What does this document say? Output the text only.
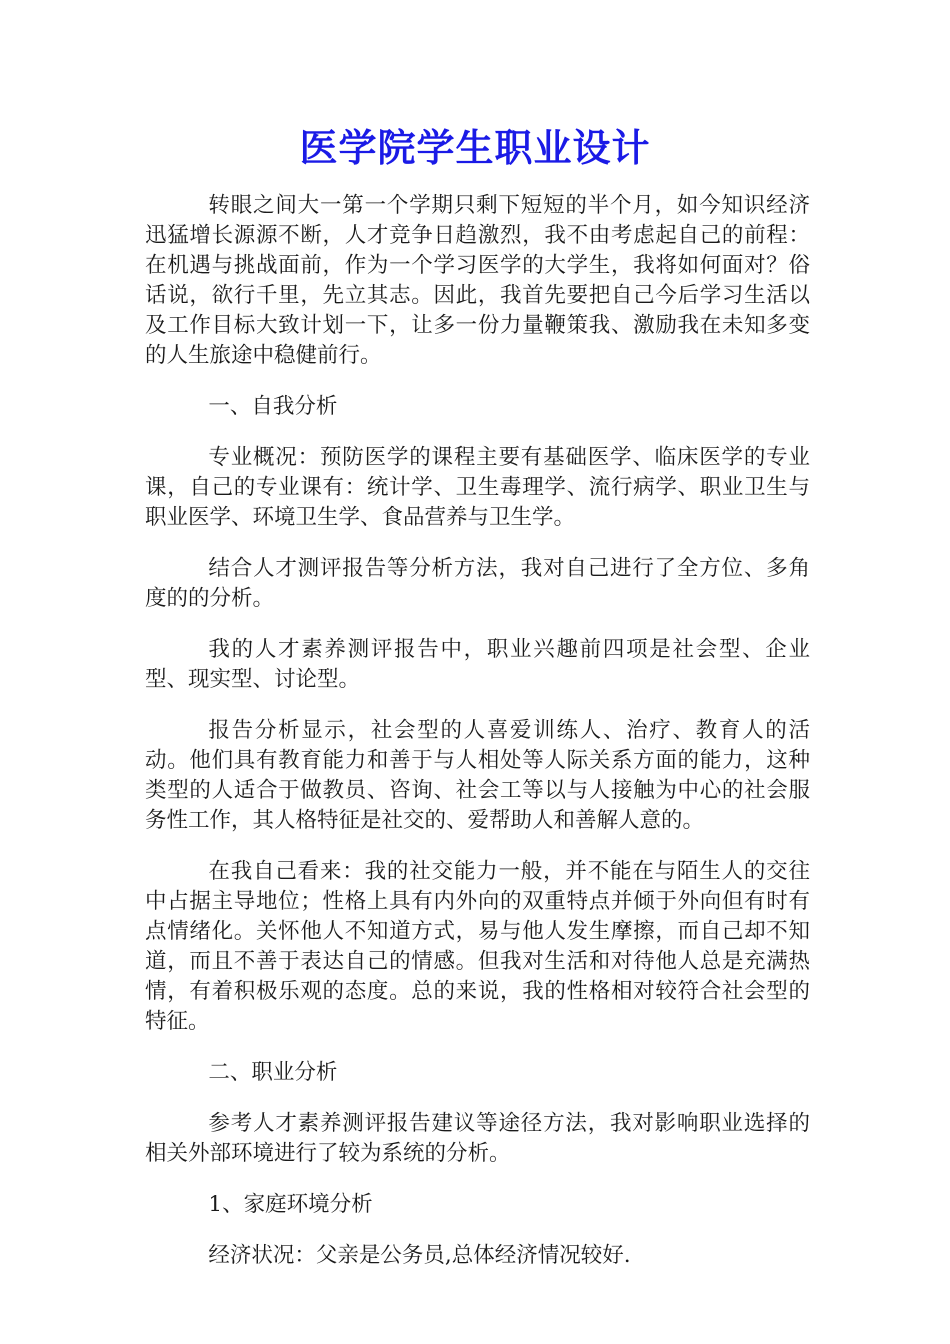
医学院学生职业设计

转眼之间大一第一个学期只剩下短短的半个月，如今知识经济迅猛增长源源不断，人才竞争日趋激烈，我不由考虑起自己的前程：在机遇与挑战面前，作为一个学习医学的大学生，我将如何面对？俗话说，欲行千里，先立其志。因此，我首先要把自己今后学习生活以及工作目标大致计划一下，让多一份力量鞭策我、激励我在未知多变的人生旅途中稳健前行。

一、自我分析

专业概况：预防医学的课程主要有基础医学、临床医学的专业课，自己的专业课有：统计学、卫生毒理学、流行病学、职业卫生与职业医学、环境卫生学、食品营养与卫生学。

结合人才测评报告等分析方法，我对自己进行了全方位、多角度的的分析。

我的人才素养测评报告中，职业兴趣前四项是社会型、企业型、现实型、讨论型。

报告分析显示，社会型的人喜爱训练人、治疗、教育人的活动。他们具有教育能力和善于与人相处等人际关系方面的能力，这种类型的人适合于做教员、咨询、社会工等以与人接触为中心的社会服务性工作，其人格特征是社交的、爱帮助人和善解人意的。

在我自己看来：我的社交能力一般，并不能在与陌生人的交往中占据主导地位；性格上具有内外向的双重特点并倾于外向但有时有点情绪化。关怀他人不知道方式，易与他人发生摩擦，而自己却不知道，而且不善于表达自己的情感。但我对生活和对待他人总是充满热情，有着积极乐观的态度。总的来说，我的性格相对较符合社会型的特征。

二、职业分析

参考人才素养测评报告建议等途径方法，我对影响职业选择的相关外部环境进行了较为系统的分析。

1、家庭环境分析

经济状况：父亲是公务员,总体经济情况较好.
